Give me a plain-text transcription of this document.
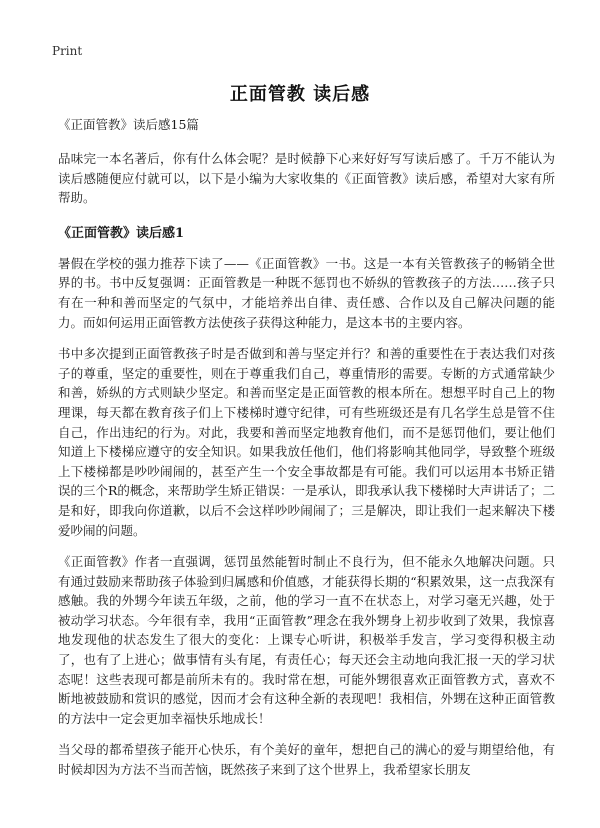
Print
正面管教 读后感
《正面管教》读后感15篇

品味完一本名著后，你有什么体会呢？是时候静下心来好好写写读后感了。千万不能认为读后感随便应付就可以，以下是小编为大家收集的《正面管教》读后感，希望对大家有所帮助。

《正面管教》读后感1

暑假在学校的强力推荐下读了——《正面管教》一书。这是一本有关管教孩子的畅销全世界的书。书中反复强调：正面管教是一种既不惩罚也不娇纵的管教孩子的方法……孩子只有在一种和善而坚定的气氛中，才能培养出自律、责任感、合作以及自己解决问题的能力。而如何运用正面管教方法使孩子获得这种能力，是这本书的主要内容。

书中多次提到正面管教孩子时是否做到和善与坚定并行？和善的重要性在于表达我们对孩子的尊重，坚定的重要性，则在于尊重我们自己，尊重情形的需要。专断的方式通常缺少和善，娇纵的方式则缺少坚定。和善而坚定是正面管教的根本所在。想想平时自己上的物理课，每天都在教育孩子们上下楼梯时遵守纪律，可有些班级还是有几名学生总是管不住自己，作出违纪的行为。对此，我要和善而坚定地教育他们，而不是惩罚他们，要让他们知道上下楼梯应遵守的安全知识。如果我放任他们，他们将影响其他同学，导致整个班级上下楼梯都是吵吵闹闹的，甚至产生一个安全事故都是有可能。我们可以运用本书矫正错误的三个R的概念，来帮助学生矫正错误：一是承认，即我承认我下楼梯时大声讲话了；二是和好，即我向你道歉，以后不会这样吵吵闹闹了；三是解决，即让我们一起来解决下楼爱吵闹的问题。

《正面管教》作者一直强调，惩罚虽然能暂时制止不良行为，但不能永久地解决问题。只有通过鼓励来帮助孩子体验到归属感和价值感，才能获得长期的“积累效果，这一点我深有感触。我的外甥今年读五年级，之前，他的学习一直不在状态上，对学习毫无兴趣，处于被动学习状态。今年很有幸，我用“正面管教”理念在我外甥身上初步收到了效果，我惊喜地发现他的状态发生了很大的变化：上课专心听讲，积极举手发言，学习变得积极主动了，也有了上进心；做事情有头有尾，有责任心；每天还会主动地向我汇报一天的学习状态呢！这些表现可都是前所未有的。我时常在想，可能外甥很喜欢正面管教方式，喜欢不断地被鼓励和赏识的感觉，因而才会有这种全新的表现吧！我相信，外甥在这种正面管教的方法中一定会更加幸福快乐地成长！

当父母的都希望孩子能开心快乐，有个美好的童年，想把自己的满心的爱与期望给他，有时候却因为方法不当而苦恼，既然孩子来到了这个世界上，我希望家长朋友
